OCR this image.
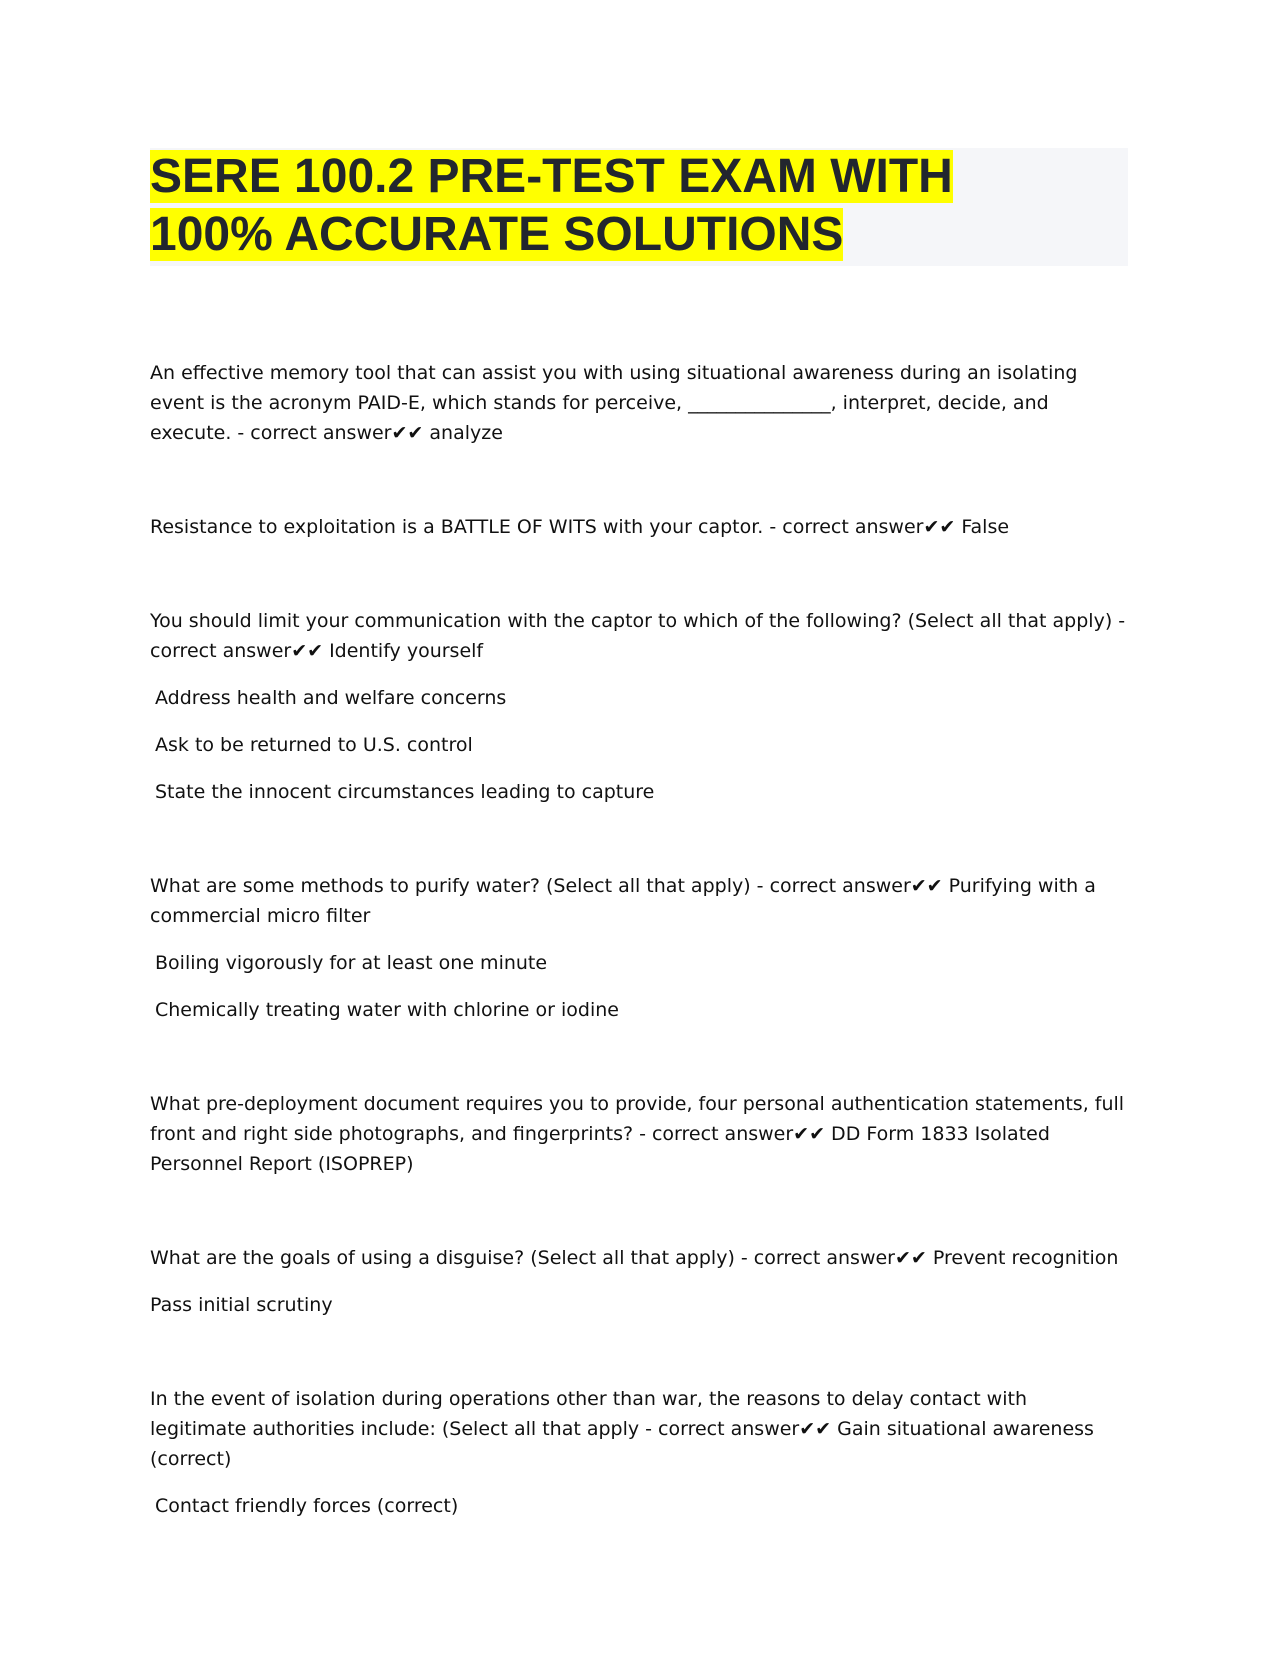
SERE 100.2 PRE-TEST EXAM WITH
100% ACCURATE SOLUTIONS

An effective memory tool that can assist you with using situational awareness during an isolating event is the acronym PAID-E, which stands for perceive, _______________, interpret, decide, and execute. - correct answer✔✔ analyze

Resistance to exploitation is a BATTLE OF WITS with your captor. - correct answer✔✔ False

You should limit your communication with the captor to which of the following? (Select all that apply) - correct answer✔✔ Identify yourself

Address health and welfare concerns

Ask to be returned to U.S. control

State the innocent circumstances leading to capture

What are some methods to purify water? (Select all that apply) - correct answer✔✔ Purifying with a commercial micro filter

Boiling vigorously for at least one minute

Chemically treating water with chlorine or iodine

What pre-deployment document requires you to provide, four personal authentication statements, full front and right side photographs, and fingerprints? - correct answer✔✔ DD Form 1833 Isolated Personnel Report (ISOPREP)

What are the goals of using a disguise? (Select all that apply) - correct answer✔✔ Prevent recognition

Pass initial scrutiny

In the event of isolation during operations other than war, the reasons to delay contact with legitimate authorities include: (Select all that apply - correct answer✔✔ Gain situational awareness (correct)

Contact friendly forces (correct)
